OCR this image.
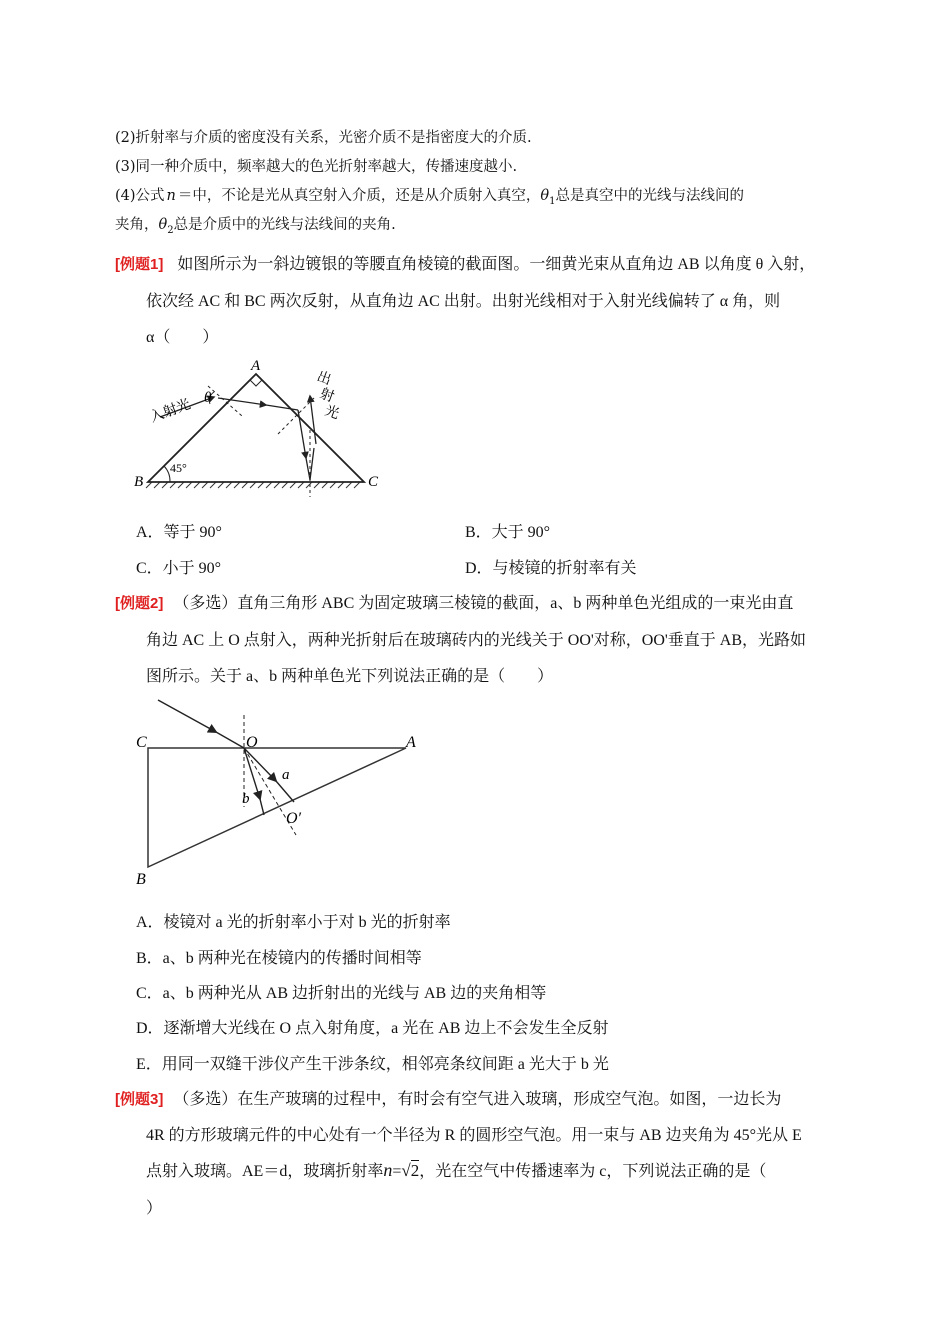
(2)折射率与介质的密度没有关系，光密介质不是指密度大的介质.
(3)同一种介质中，频率越大的色光折射率越大，传播速度越小.
(4)公式 n ＝中，不论是光从真空射入介质，还是从介质射入真空，$\theta_1$总是真空中的光线与法线间的
夹角，$\theta_2$总是介质中的光线与法线间的夹角.
[例题1] 如图所示为一斜边镀银的等腰直角棱镜的截面图。一细黄光束从直角边 AB 以角度 θ 入射，
依次经 AC 和 BC 两次反射，从直角边 AC 出射。出射光线相对于入射光线偏转了 α 角，则
α（　　）
A
B	C
入射光 θ
45°
出
射
光
A．等于 90°	B．大于 90°
C．小于 90°	D．与棱镜的折射率有关
[例题2] （多选）直角三角形 ABC 为固定玻璃三棱镜的截面，a、b 两种单色光组成的一束光由直
角边 AC 上 O 点射入，两种光折射后在玻璃砖内的光线关于 OO'对称，OO'垂直于 AB，光路如
图所示。关于 a、b 两种单色光下列说法正确的是（　　）
C	O	A
B
a
b
O′
A．棱镜对 a 光的折射率小于对 b 光的折射率
B．a、b 两种光在棱镜内的传播时间相等
C．a、b 两种光从 AB 边折射出的光线与 AB 边的夹角相等
D．逐渐增大光线在 O 点入射角度，a 光在 AB 边上不会发生全反射
E．用同一双缝干涉仪产生干涉条纹，相邻亮条纹间距 a 光大于 b 光
[例题3] （多选）在生产玻璃的过程中，有时会有空气进入玻璃，形成空气泡。如图，一边长为
4R 的方形玻璃元件的中心处有一个半径为 R 的圆形空气泡。用一束与 AB 边夹角为 45°光从 E
点射入玻璃。AE＝d，玻璃折射率n=√2，光在空气中传播速率为 c，下列说法正确的是（
）
